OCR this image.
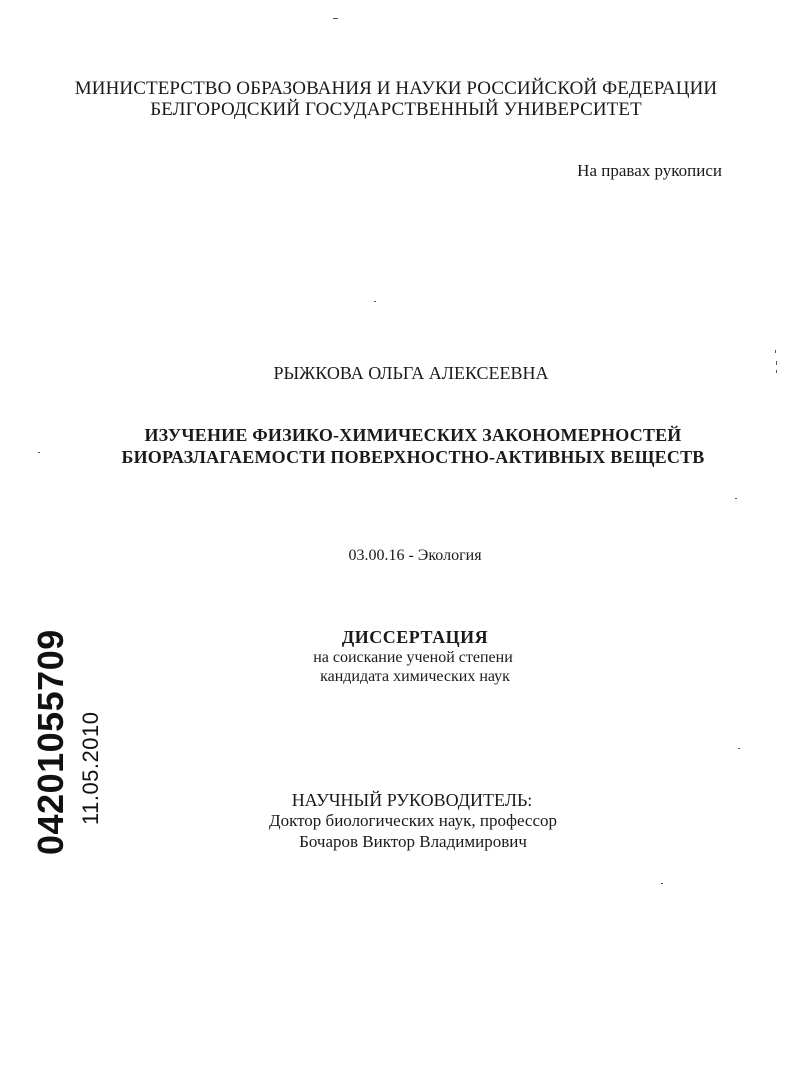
МИНИСТЕРСТВО ОБРАЗОВАНИЯ И НАУКИ РОССИЙСКОЙ ФЕДЕРАЦИИ
БЕЛГОРОДСКИЙ ГОСУДАРСТВЕННЫЙ УНИВЕРСИТЕТ
На правах рукописи
РЫЖКОВА ОЛЬГА АЛЕКСЕЕВНА
ИЗУЧЕНИЕ ФИЗИКО-ХИМИЧЕСКИХ ЗАКОНОМЕРНОСТЕЙ
БИОРАЗЛАГАЕМОСТИ ПОВЕРХНОСТНО-АКТИВНЫХ ВЕЩЕСТВ
03.00.16 - Экология
ДИССЕРТАЦИЯ
на соискание ученой степени
кандидата химических наук
НАУЧНЫЙ РУКОВОДИТЕЛЬ:
Доктор биологических наук, профессор
Бочаров Виктор Владимирович
04201055709 11.05.2010
